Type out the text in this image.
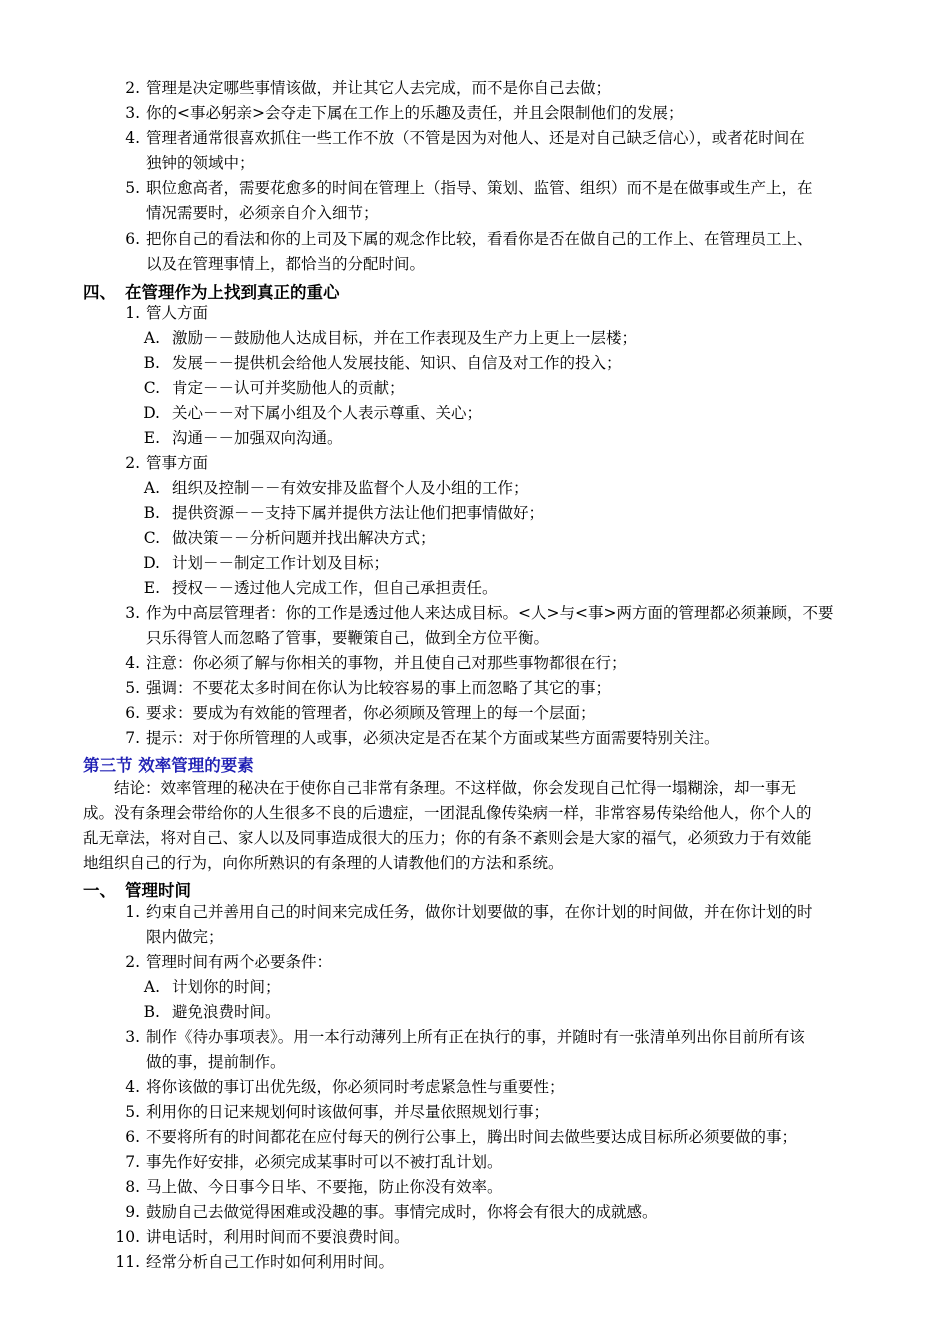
2. 管理是决定哪些事情该做，并让其它人去完成，而不是你自己去做；
3. 你的<事必躬亲>会夺走下属在工作上的乐趣及责任，并且会限制他们的发展；
4. 管理者通常很喜欢抓住一些工作不放（不管是因为对他人、还是对自己缺乏信心），或者花时间在
独钟的领域中；
5. 职位愈高者，需要花愈多的时间在管理上（指导、策划、监管、组织）而不是在做事或生产上，在
情况需要时，必须亲自介入细节；
6. 把你自己的看法和你的上司及下属的观念作比较，看看你是否在做自己的工作上、在管理员工上、
以及在管理事情上，都恰当的分配时间。
四、 在管理作为上找到真正的重心
1. 管人方面
A. 激励－－鼓励他人达成目标，并在工作表现及生产力上更上一层楼；
B. 发展－－提供机会给他人发展技能、知识、自信及对工作的投入；
C. 肯定－－认可并奖励他人的贡献；
D. 关心－－对下属小组及个人表示尊重、关心；
E. 沟通－－加强双向沟通。
2. 管事方面
A. 组织及控制－－有效安排及监督个人及小组的工作；
B. 提供资源－－支持下属并提供方法让他们把事情做好；
C. 做决策－－分析问题并找出解决方式；
D. 计划－－制定工作计划及目标；
E. 授权－－透过他人完成工作，但自己承担责任。
3. 作为中高层管理者：你的工作是透过他人来达成目标。<人>与<事>两方面的管理都必须兼顾，不要
只乐得管人而忽略了管事，要鞭策自己，做到全方位平衡。
4. 注意：你必须了解与你相关的事物，并且使自己对那些事物都很在行；
5. 强调：不要花太多时间在你认为比较容易的事上而忽略了其它的事；
6. 要求：要成为有效能的管理者，你必须顾及管理上的每一个层面；
7. 提示：对于你所管理的人或事，必须决定是否在某个方面或某些方面需要特别关注。
第三节 效率管理的要素
　　结论：效率管理的秘决在于使你自己非常有条理。不这样做，你会发现自己忙得一塌糊涂，却一事无
成。没有条理会带给你的人生很多不良的后遗症，一团混乱像传染病一样，非常容易传染给他人，你个人的
乱无章法，将对自己、家人以及同事造成很大的压力；你的有条不紊则会是大家的福气，必须致力于有效能
地组织自己的行为，向你所熟识的有条理的人请教他们的方法和系统。
一、 管理时间
1. 约束自己并善用自己的时间来完成任务，做你计划要做的事，在你计划的时间做，并在你计划的时
限内做完；
2. 管理时间有两个必要条件：
A. 计划你的时间；
B. 避免浪费时间。
3. 制作《待办事项表》。用一本行动薄列上所有正在执行的事，并随时有一张清单列出你目前所有该
做的事，提前制作。
4. 将你该做的事订出优先级，你必须同时考虑紧急性与重要性；
5. 利用你的日记来规划何时该做何事，并尽量依照规划行事；
6. 不要将所有的时间都花在应付每天的例行公事上，腾出时间去做些要达成目标所必须要做的事；
7. 事先作好安排，必须完成某事时可以不被打乱计划。
8. 马上做、今日事今日毕、不要拖，防止你没有效率。
9. 鼓励自己去做觉得困难或没趣的事。事情完成时，你将会有很大的成就感。
10. 讲电话时，利用时间而不要浪费时间。
11. 经常分析自己工作时如何利用时间。
